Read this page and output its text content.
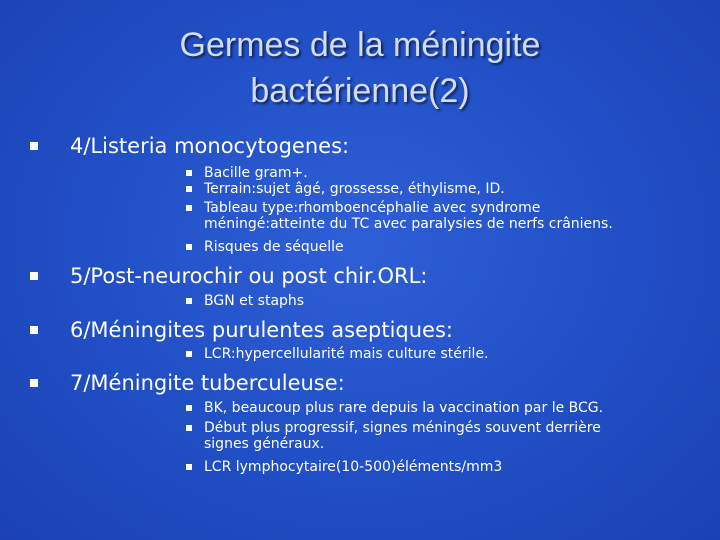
Germes de la méningite
bactérienne(2)
4/Listeria monocytogenes:
Bacille gram+.
Terrain:sujet âgé, grossesse, éthylisme, ID.
Tableau type:rhomboencéphalie avec syndrome
méningé:atteinte du TC avec paralysies de nerfs crâniens.
Risques de séquelle
5/Post-neurochir ou post chir.ORL:
BGN et staphs
6/Méningites purulentes aseptiques:
LCR:hypercellularité mais culture stérile.
7/Méningite tuberculeuse:
BK, beaucoup plus rare depuis la vaccination par le BCG.
Début plus progressif, signes méningés souvent derrière
signes généraux.
LCR lymphocytaire(10-500)éléments/mm3
